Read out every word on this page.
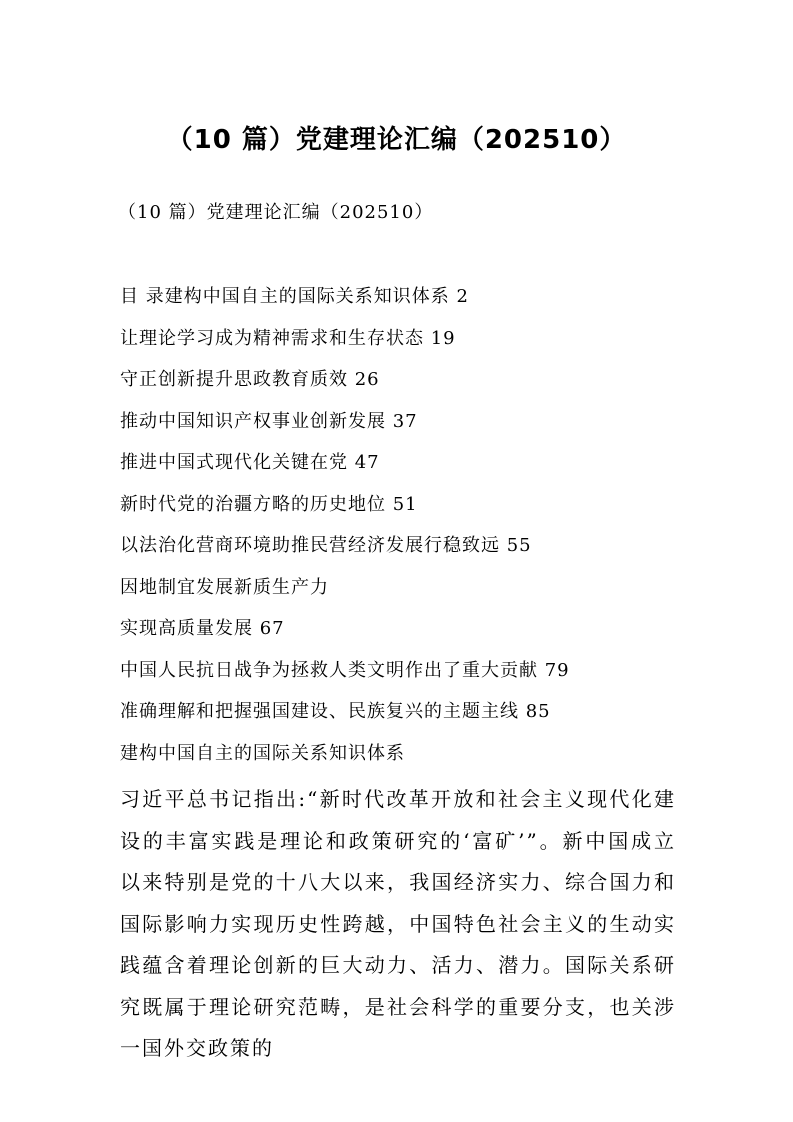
（10 篇）党建理论汇编（202510）
（10 篇）党建理论汇编（202510）
目 录建构中国自主的国际关系知识体系 2
让理论学习成为精神需求和生存状态 19
守正创新提升思政教育质效 26
推动中国知识产权事业创新发展 37
推进中国式现代化关键在党 47
新时代党的治疆方略的历史地位 51
以法治化营商环境助推民营经济发展行稳致远 55
因地制宜发展新质生产力
实现高质量发展 67
中国人民抗日战争为拯救人类文明作出了重大贡献 79
准确理解和把握强国建设、民族复兴的主题主线 85
建构中国自主的国际关系知识体系

习近平总书记指出:“新时代改革开放和社会主义现代化建设的丰富实践是理论和政策研究的‘富矿’”。新中国成立以来特别是党的十八大以来，我国经济实力、综合国力和国际影响力实现历史性跨越，中国特色社会主义的生动实践蕴含着理论创新的巨大动力、活力、潜力。国际关系研究既属于理论研究范畴，是社会科学的重要分支，也关涉一国外交政策的
